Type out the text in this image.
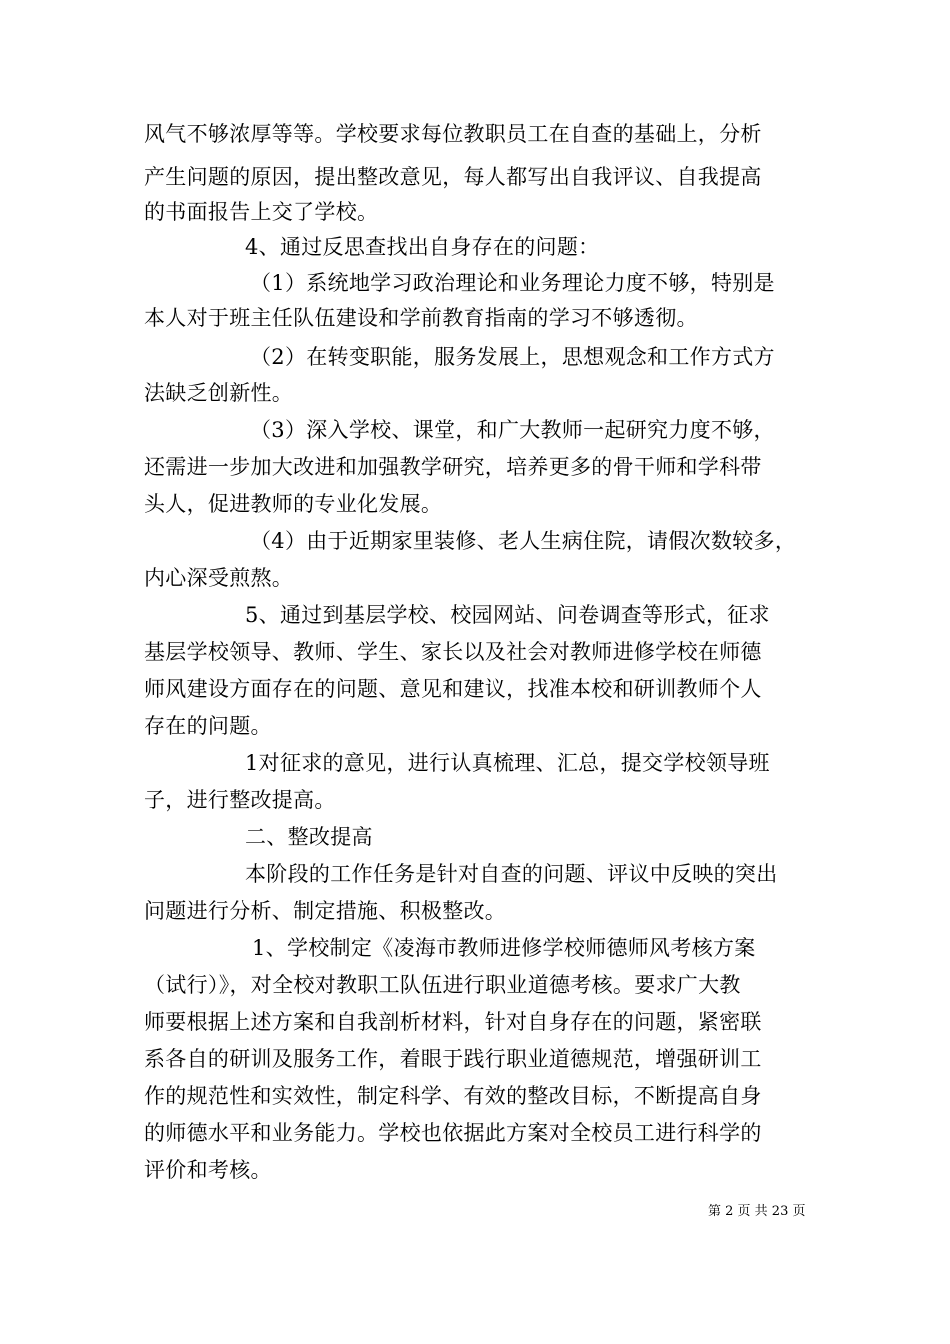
风气不够浓厚等等。学校要求每位教职员工在自查的基础上，分析
产生问题的原因，提出整改意见，每人都写出自我评议、自我提高
的书面报告上交了学校。
4、通过反思查找出自身存在的问题：
（1）系统地学习政治理论和业务理论力度不够，特别是
本人对于班主任队伍建设和学前教育指南的学习不够透彻。
（2）在转变职能，服务发展上，思想观念和工作方式方
法缺乏创新性。
（3）深入学校、课堂，和广大教师一起研究力度不够，
还需进一步加大改进和加强教学研究，培养更多的骨干师和学科带
头人，促进教师的专业化发展。
（4）由于近期家里装修、老人生病住院，请假次数较多，
内心深受煎熬。
5、通过到基层学校、校园网站、问卷调查等形式，征求
基层学校领导、教师、学生、家长以及社会对教师进修学校在师德
师风建设方面存在的问题、意见和建议，找准本校和研训教师个人
存在的问题。
1对征求的意见，进行认真梳理、汇总，提交学校领导班
子，进行整改提高。
二、整改提高
本阶段的工作任务是针对自查的问题、评议中反映的突出
问题进行分析、制定措施、积极整改。
1、学校制定《凌海市教师进修学校师德师风考核方案
（试行）》，对全校对教职工队伍进行职业道德考核。要求广大教
师要根据上述方案和自我剖析材料，针对自身存在的问题，紧密联
系各自的研训及服务工作，着眼于践行职业道德规范，增强研训工
作的规范性和实效性，制定科学、有效的整改目标，不断提高自身
的师德水平和业务能力。学校也依据此方案对全校员工进行科学的
评价和考核。
第 2 页 共 23 页
